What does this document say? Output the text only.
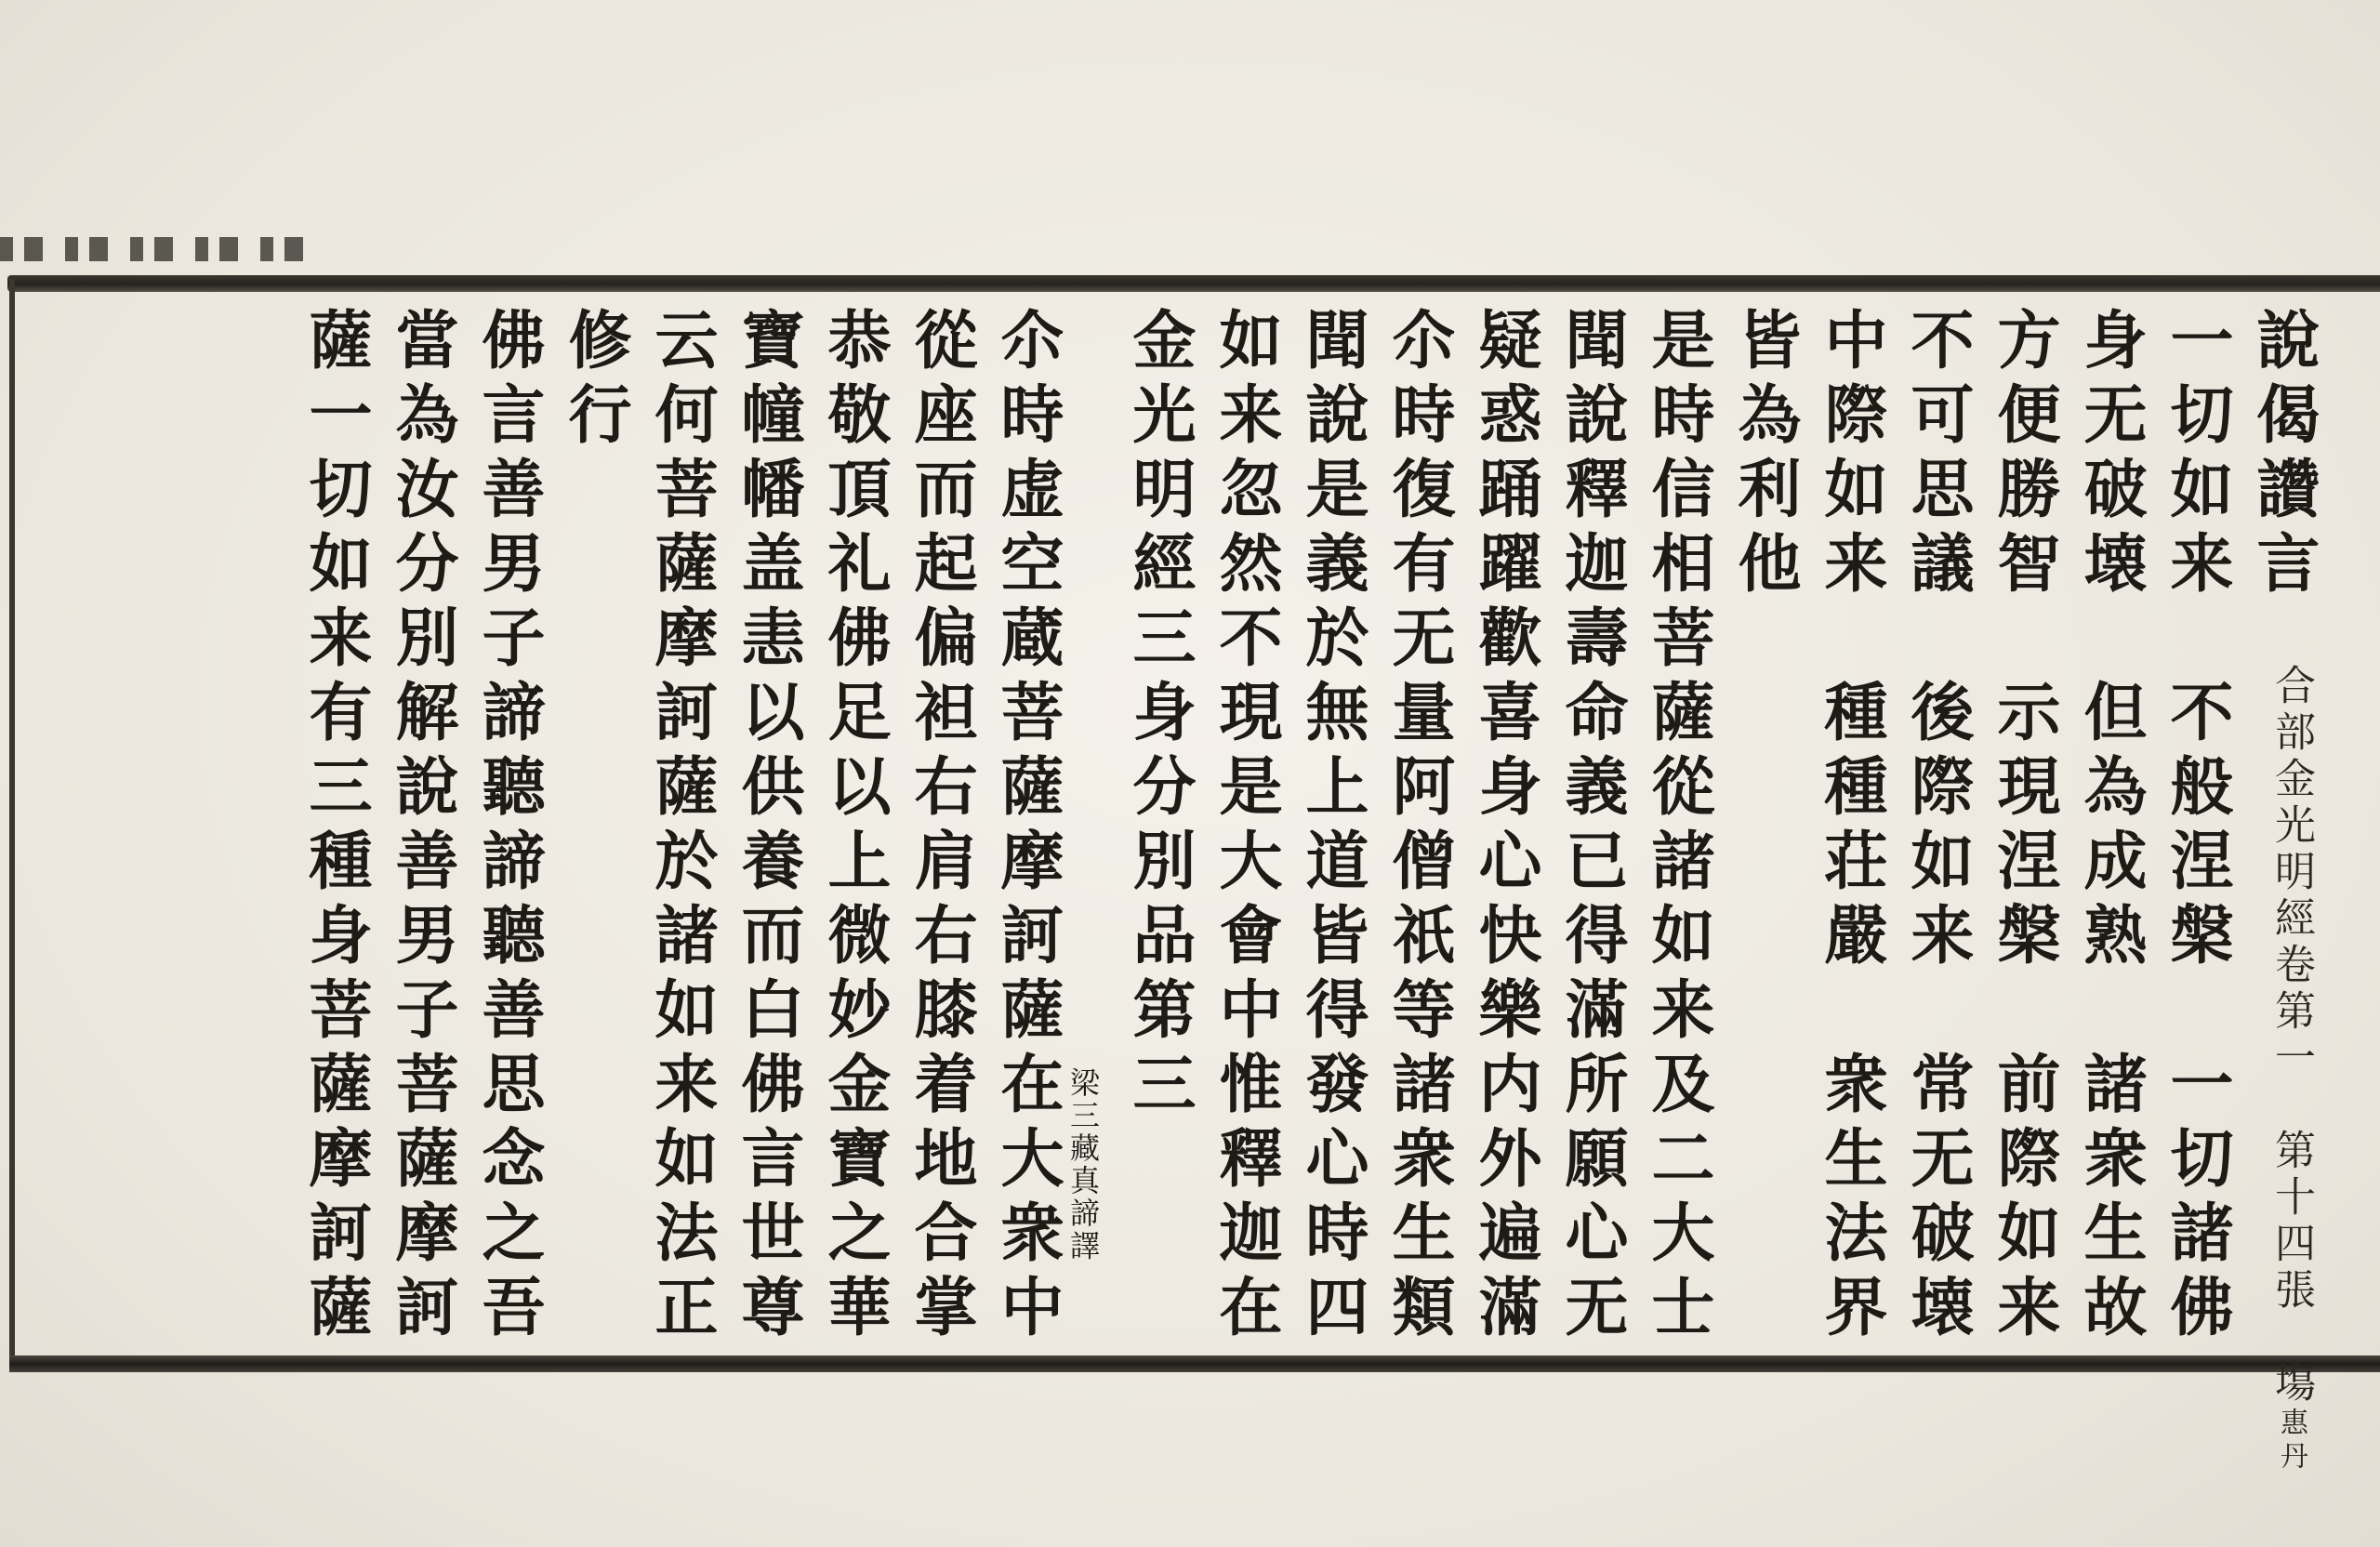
合部金光明經卷第一　第十四張　塲惠丹

說偈讚言
一切如来　不般涅槃　一切諸佛
身无破壊　但為成熟　諸衆生故
方便勝智　示現涅槃　前際如来
不可思議　後際如来　常无破壊
中際如来　種種荘嚴　衆生法界
皆為利他
是時信相菩薩從諸如来及二大士
聞說釋迦壽命義已得滿所願心无
疑惑踊躍歡喜身心快樂内外遍滿
尒時復有无量阿僧祇等諸衆生類
聞說是義於無上道皆得發心時四
如来忽然不現是大會中惟釋迦在
金光明經三身分別品第三
梁三藏真諦譯
尒時虚空蔵菩薩摩訶薩在大衆中
從座而起偏袒右肩右膝着地合掌
恭敬頂礼佛足以上微妙金寶之華
寶幢幡盖恚以供養而白佛言世尊
云何菩薩摩訶薩於諸如来如法正
修行
佛言善男子諦聽諦聽善思念之吾
當為汝分別解說善男子菩薩摩訶
薩一切如来有三種身菩薩摩訶薩
